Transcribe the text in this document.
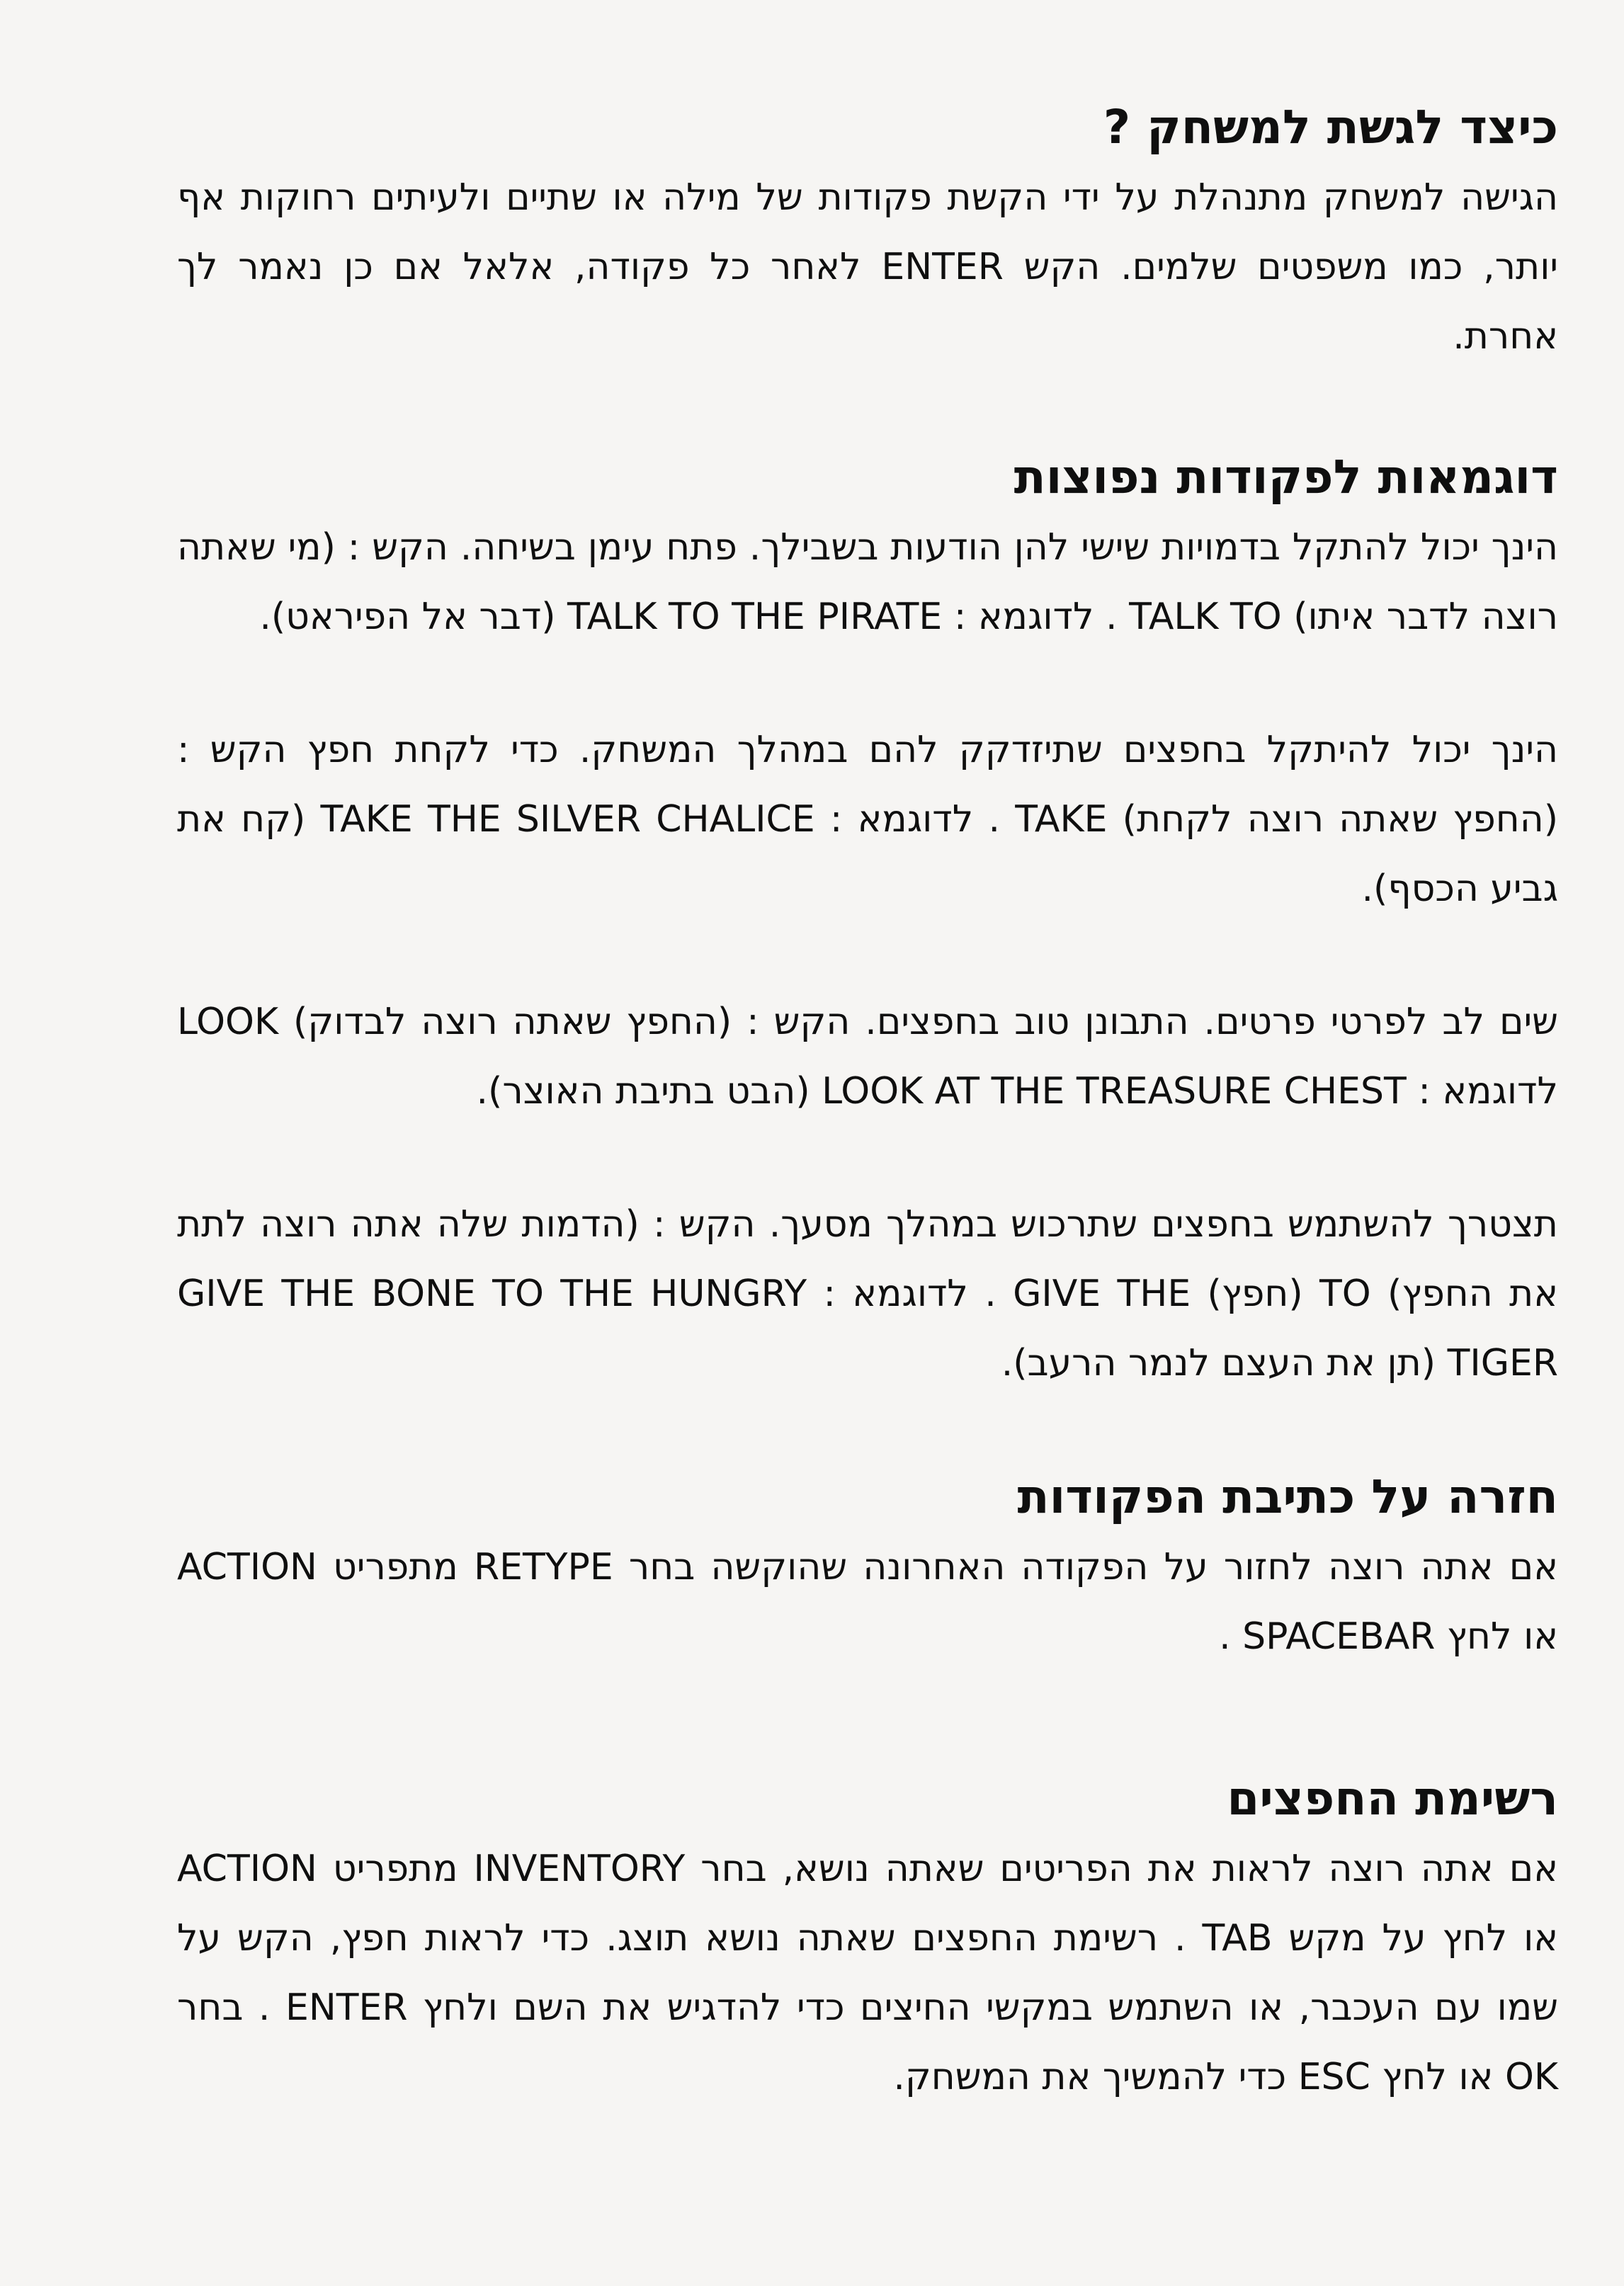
כיצד לגשת למשחק ?

הגישה למשחק מתנהלת על ידי הקשת פקודות של מילה או שתיים ולעיתים רחוקות אף יותר, כמו משפטים שלמים. הקש ENTER לאחר כל פקודה, אלאל אם כן נאמר לך אחרת.

דוגמאות לפקודות נפוצות

הינך יכול להתקל בדמויות שישי להן הודעות בשבילך. פתח עימן בשיחה. הקש : (מי שאתה רוצה לדבר איתו) TALK TO . לדוגמא : TALK TO THE PIRATE (דבר אל הפיראט).

הינך יכול להיתקל בחפצים שתיזדקק להם במהלך המשחק. כדי לקחת חפץ הקש : (החפץ שאתה רוצה לקחת) TAKE . לדוגמא : TAKE THE SILVER CHALICE (קח את גביע הכסף).

שים לב לפרטי פרטים. התבונן טוב בחפצים. הקש : (החפץ שאתה רוצה לבדוק) LOOK לדוגמא : LOOK AT THE TREASURE CHEST (הבט בתיבת האוצר).

תצטרך להשתמש בחפצים שתרכוש במהלך מסעך. הקש : (הדמות שלה אתה רוצה לתת את החפץ) TO (חפץ) GIVE THE . לדוגמא : GIVE THE BONE TO THE HUNGRY TIGER (תן את העצם לנמר הרעב).

חזרה על כתיבת הפקודות

אם אתה רוצה לחזור על הפקודה האחרונה שהוקשה בחר RETYPE מתפריט ACTION או לחץ SPACEBAR .

רשימת החפצים

אם אתה רוצה לראות את הפריטים שאתה נושא, בחר INVENTORY מתפריט ACTION או לחץ על מקש TAB . רשימת החפצים שאתה נושא תוצג. כדי לראות חפץ, הקש על שמו עם העכבר, או השתמש במקשי החיצים כדי להדגיש את השם ולחץ ENTER . בחר OK או לחץ ESC כדי להמשיך את המשחק.
